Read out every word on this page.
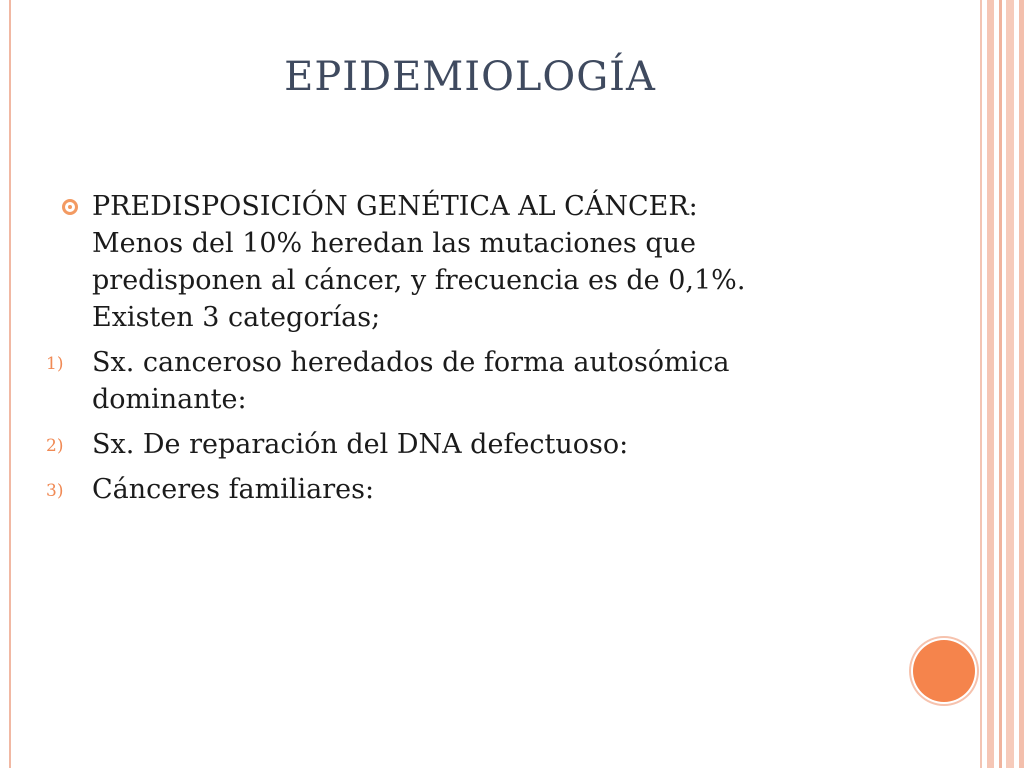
EPIDEMIOLOGÍA
PREDISPOSICIÓN GENÉTICA AL CÁNCER:
Menos del 10% heredan las mutaciones que
predisponen al cáncer, y frecuencia es de 0,1%.
Existen 3 categorías;
1) Sx. canceroso heredados de forma autosómica
dominante:
2) Sx. De reparación del DNA defectuoso:
3) Cánceres familiares:
